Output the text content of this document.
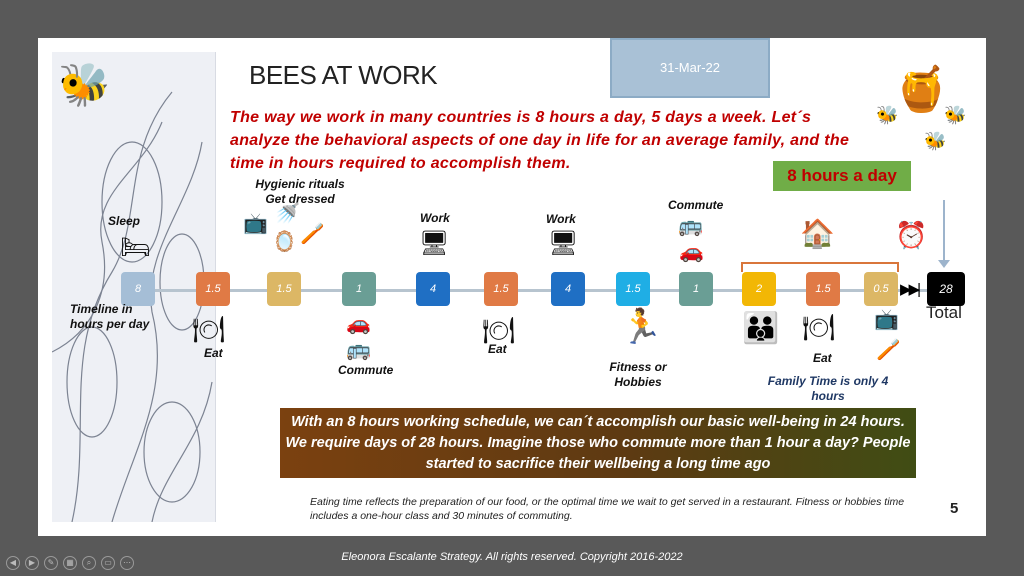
🐝	🍯
🐝	🐝
🐝
31-Mar-22
BEES AT WORK
The way we work in many countries is 8 hours a day, 5 days a week. Let´s analyze the behavioral aspects of one day in life for an average family, and the time in hours required to accomplish them.
8 hours a day
Sleep
Hygienic rituals Get dressed
Work	Work
Commute
🛏
📺 🚿
🪞 🪥	🖥	🖥
🚌
🚗
🏠 ⏰
8	1.5	1.5	1	4	1.5	4	1.5	1	2	1.5	0.5 ▶▶|	28
Total
Timeline in hours per day	🍽
Eat
🚗
🚌
Commute
🍽
Eat
🏃
Fitness or Hobbies
👪 🍽
Eat
📺
🪥
Family Time is only 4 hours
With an 8 hours working schedule, we can´t accomplish our basic well-being in 24 hours. We require days of 28 hours. Imagine those who commute more than 1 hour a day? People started to sacrifice their wellbeing a long time ago
Eating time reflects the preparation of our food, or the optimal time we wait to get served in a restaurant. Fitness or hobbies time includes a one-hour class and 30 minutes of commuting.	5
Eleonora Escalante Strategy. All rights reserved. Copyright 2016-2022
◀	▶	✎	▦	⌕	▭	⋯
